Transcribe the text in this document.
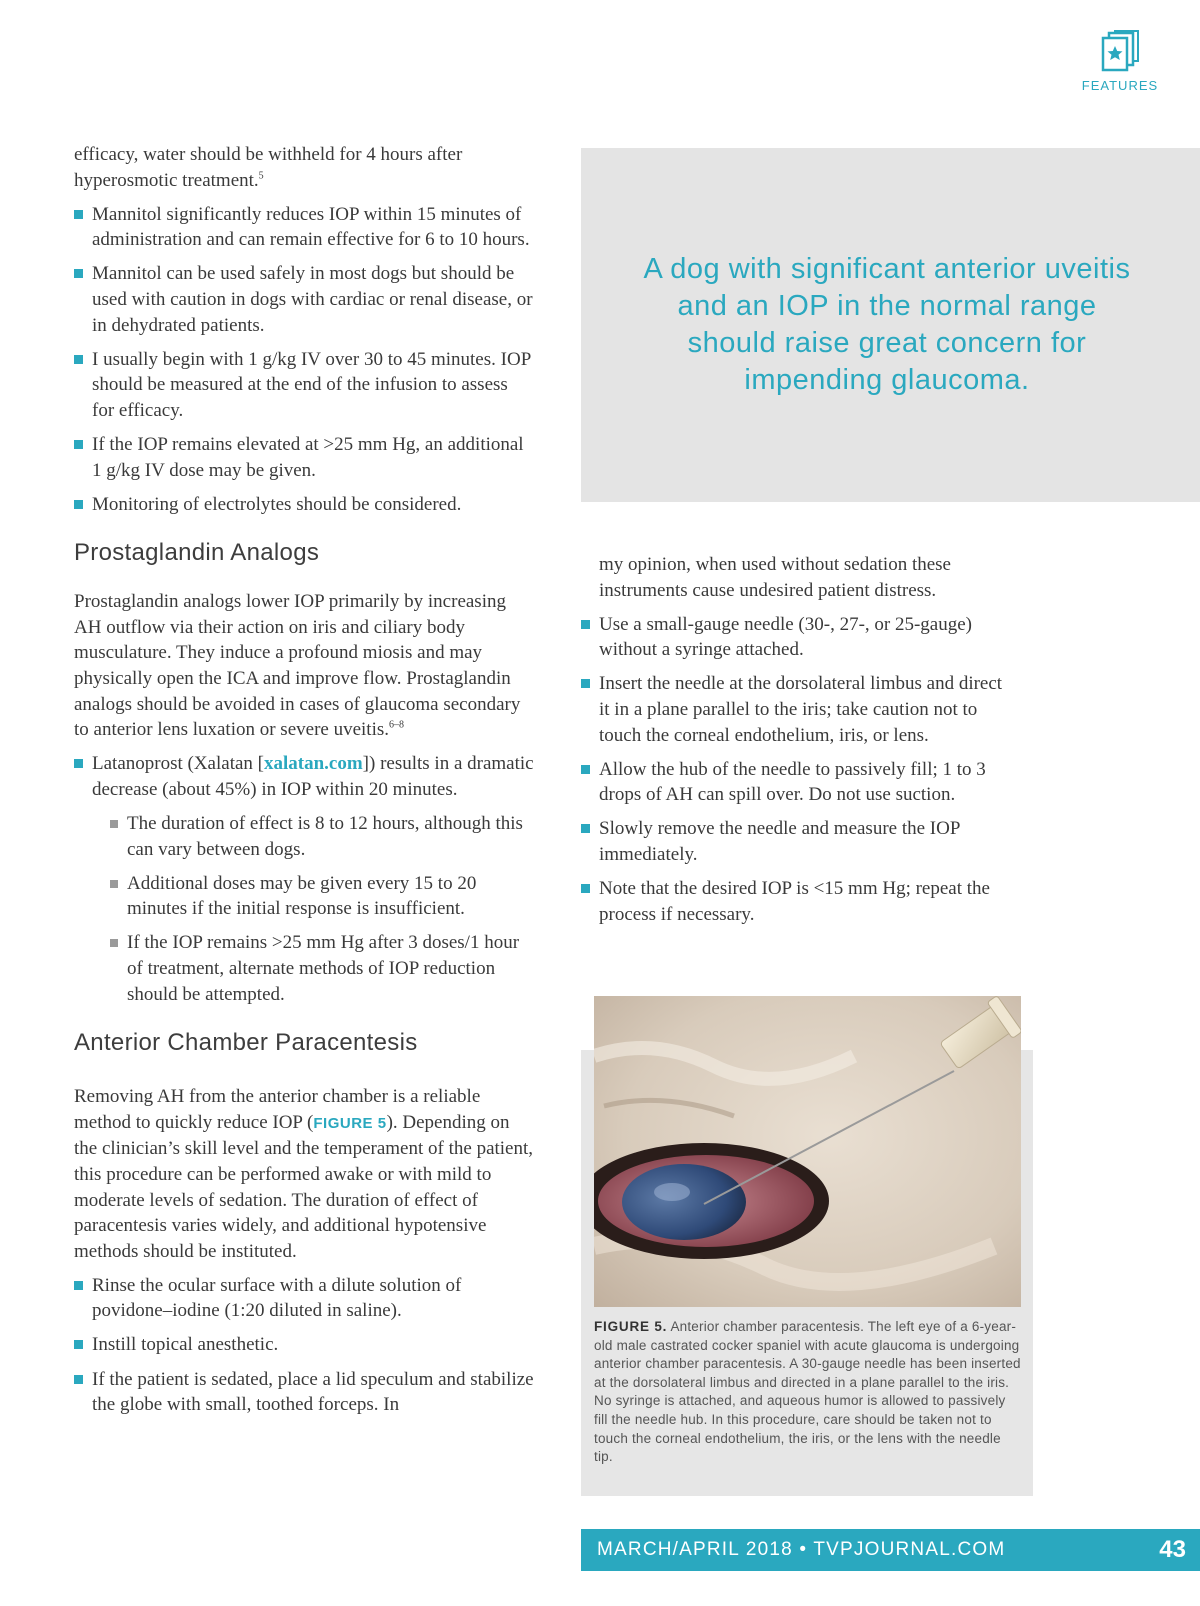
FEATURES

efficacy, water should be withheld for 4 hours after hyperosmotic treatment.$^5$

Mannitol significantly reduces IOP within 15 minutes of administration and can remain effective for 6 to 10 hours.
Mannitol can be used safely in most dogs but should be used with caution in dogs with cardiac or renal disease, or in dehydrated patients.
I usually begin with 1 g/kg IV over 30 to 45 minutes. IOP should be measured at the end of the infusion to assess for efficacy.
If the IOP remains elevated at >25 mm Hg, an additional 1 g/kg IV dose may be given.
Monitoring of electrolytes should be considered.
Prostaglandin Analogs

Prostaglandin analogs lower IOP primarily by increasing AH outflow via their action on iris and ciliary body musculature. They induce a profound miosis and may physically open the ICA and improve flow. Prostaglandin analogs should be avoided in cases of glaucoma secondary to anterior lens luxation or severe uveitis.$^{6-8}$

Latanoprost (Xalatan [xalatan.com]) results in a dramatic decrease (about 45%) in IOP within 20 minutes.
The duration of effect is 8 to 12 hours, although this can vary between dogs.
Additional doses may be given every 15 to 20 minutes if the initial response is insufficient.
If the IOP remains >25 mm Hg after 3 doses/1 hour of treatment, alternate methods of IOP reduction should be attempted.
Anterior Chamber Paracentesis

Removing AH from the anterior chamber is a reliable method to quickly reduce IOP (FIGURE 5). Depending on the clinician’s skill level and the temperament of the patient, this procedure can be performed awake or with mild to moderate levels of sedation. The duration of effect of paracentesis varies widely, and additional hypotensive methods should be instituted.

Rinse the ocular surface with a dilute solution of povidone–iodine (1:20 diluted in saline).
Instill topical anesthetic.
If the patient is sedated, place a lid speculum and stabilize the globe with small, toothed forceps. In
A dog with significant anterior uveitis and an IOP in the normal range should raise great concern for impending glaucoma.

my opinion, when used without sedation these instruments cause undesired patient distress.

Use a small-gauge needle (30-, 27-, or 25-gauge) without a syringe attached.
Insert the needle at the dorsolateral limbus and direct it in a plane parallel to the iris; take caution not to touch the corneal endothelium, iris, or lens.
Allow the hub of the needle to passively fill; 1 to 3 drops of AH can spill over. Do not use suction.
Slowly remove the needle and measure the IOP immediately.
Note that the desired IOP is <15 mm Hg; repeat the process if necessary.
FIGURE 5. Anterior chamber paracentesis. The left eye of a 6-year-old male castrated cocker spaniel with acute glaucoma is undergoing anterior chamber paracentesis. A 30-gauge needle has been inserted at the dorsolateral limbus and directed in a plane parallel to the iris. No syringe is attached, and aqueous humor is allowed to passively fill the needle hub. In this procedure, care should be taken not to touch the corneal endothelium, the iris, or the lens with the needle tip.
MARCH/APRIL 2018 • TVPJOURNAL.COM	43
